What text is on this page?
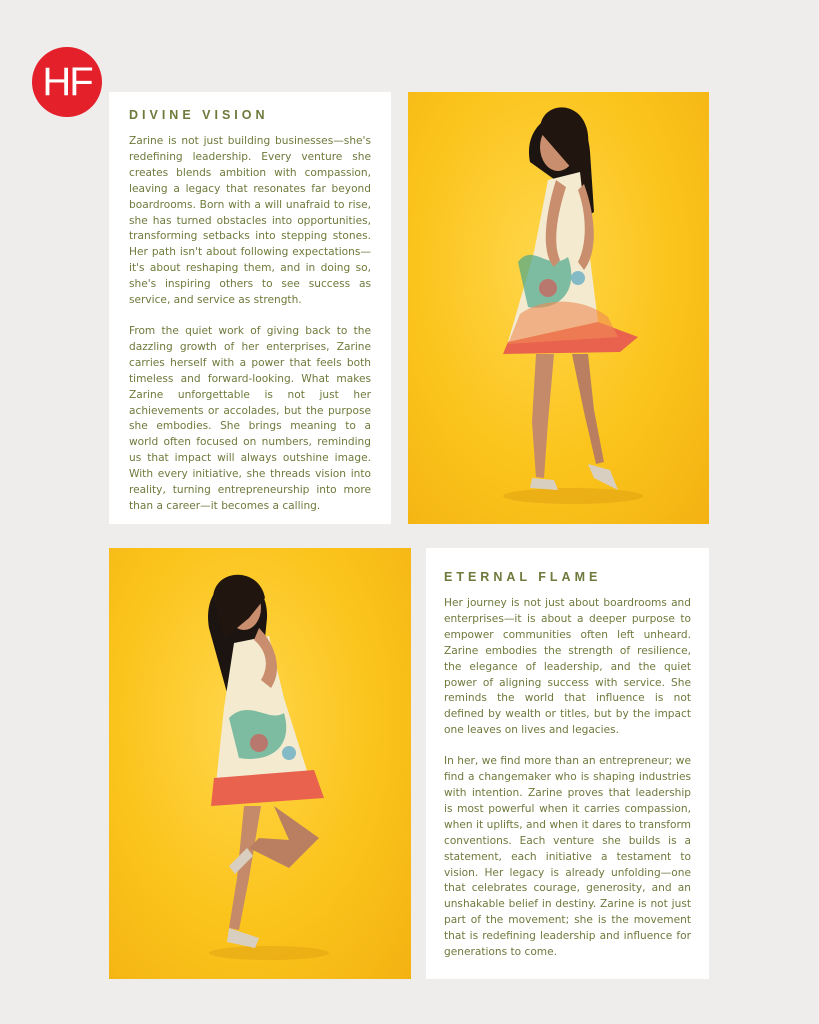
HF
DIVINE VISION

Zarine is not just building businesses—she's redefining leadership. Every venture she creates blends ambition with compassion, leaving a legacy that resonates far beyond boardrooms. Born with a will unafraid to rise, she has turned obstacles into opportunities, transforming setbacks into stepping stones. Her path isn't about following expectations—it's about reshaping them, and in doing so, she's inspiring others to see success as service, and service as strength.

From the quiet work of giving back to the dazzling growth of her enterprises, Zarine carries herself with a power that feels both timeless and forward-looking. What makes Zarine unforgettable is not just her achievements or accolades, but the purpose she embodies. She brings meaning to a world often focused on numbers, reminding us that impact will always outshine image. With every initiative, she threads vision into reality, turning entrepreneurship into more than a career—it becomes a calling.

ETERNAL FLAME

Her journey is not just about boardrooms and enterprises—it is about a deeper purpose to empower communities often left unheard. Zarine embodies the strength of resilience, the elegance of leadership, and the quiet power of aligning success with service. She reminds the world that influence is not defined by wealth or titles, but by the impact one leaves on lives and legacies.

In her, we find more than an entrepreneur; we find a changemaker who is shaping industries with intention. Zarine proves that leadership is most powerful when it carries compassion, when it uplifts, and when it dares to transform conventions. Each venture she builds is a statement, each initiative a testament to vision. Her legacy is already unfolding—one that celebrates courage, generosity, and an unshakable belief in destiny. Zarine is not just part of the movement; she is the movement that is redefining leadership and influence for generations to come.
